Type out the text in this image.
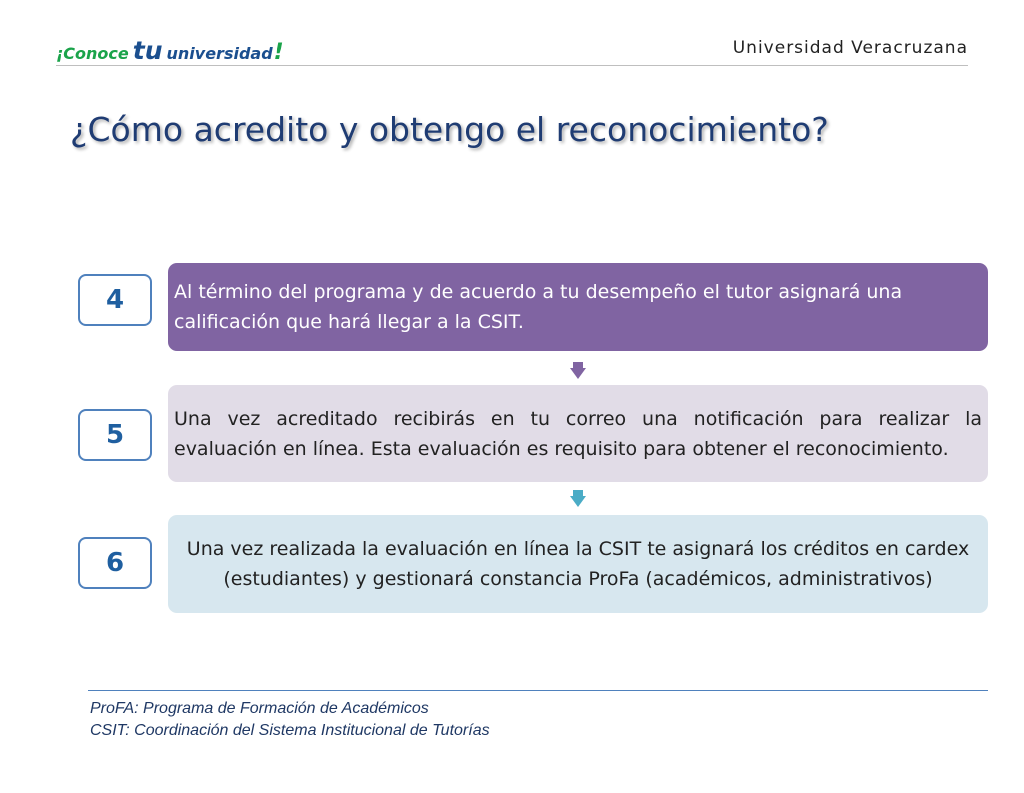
¡Conoce tu universidad !	Universidad Veracruzana
¿Cómo acredito y obtengo el reconocimiento?
4	Al término del programa y de acuerdo a tu desempeño el tutor asignará una calificación que hará llegar a la CSIT.
5
Una vez acreditado recibirás en tu correo una notificación para realizar la evaluación en línea. Esta evaluación es requisito para obtener el reconocimiento.
6	Una vez realizada la evaluación en línea la CSIT te asignará los créditos en cardex (estudiantes) y gestionará constancia ProFa (académicos, administrativos)
ProFA: Programa de Formación de Académicos
CSIT: Coordinación del Sistema Institucional de Tutorías
